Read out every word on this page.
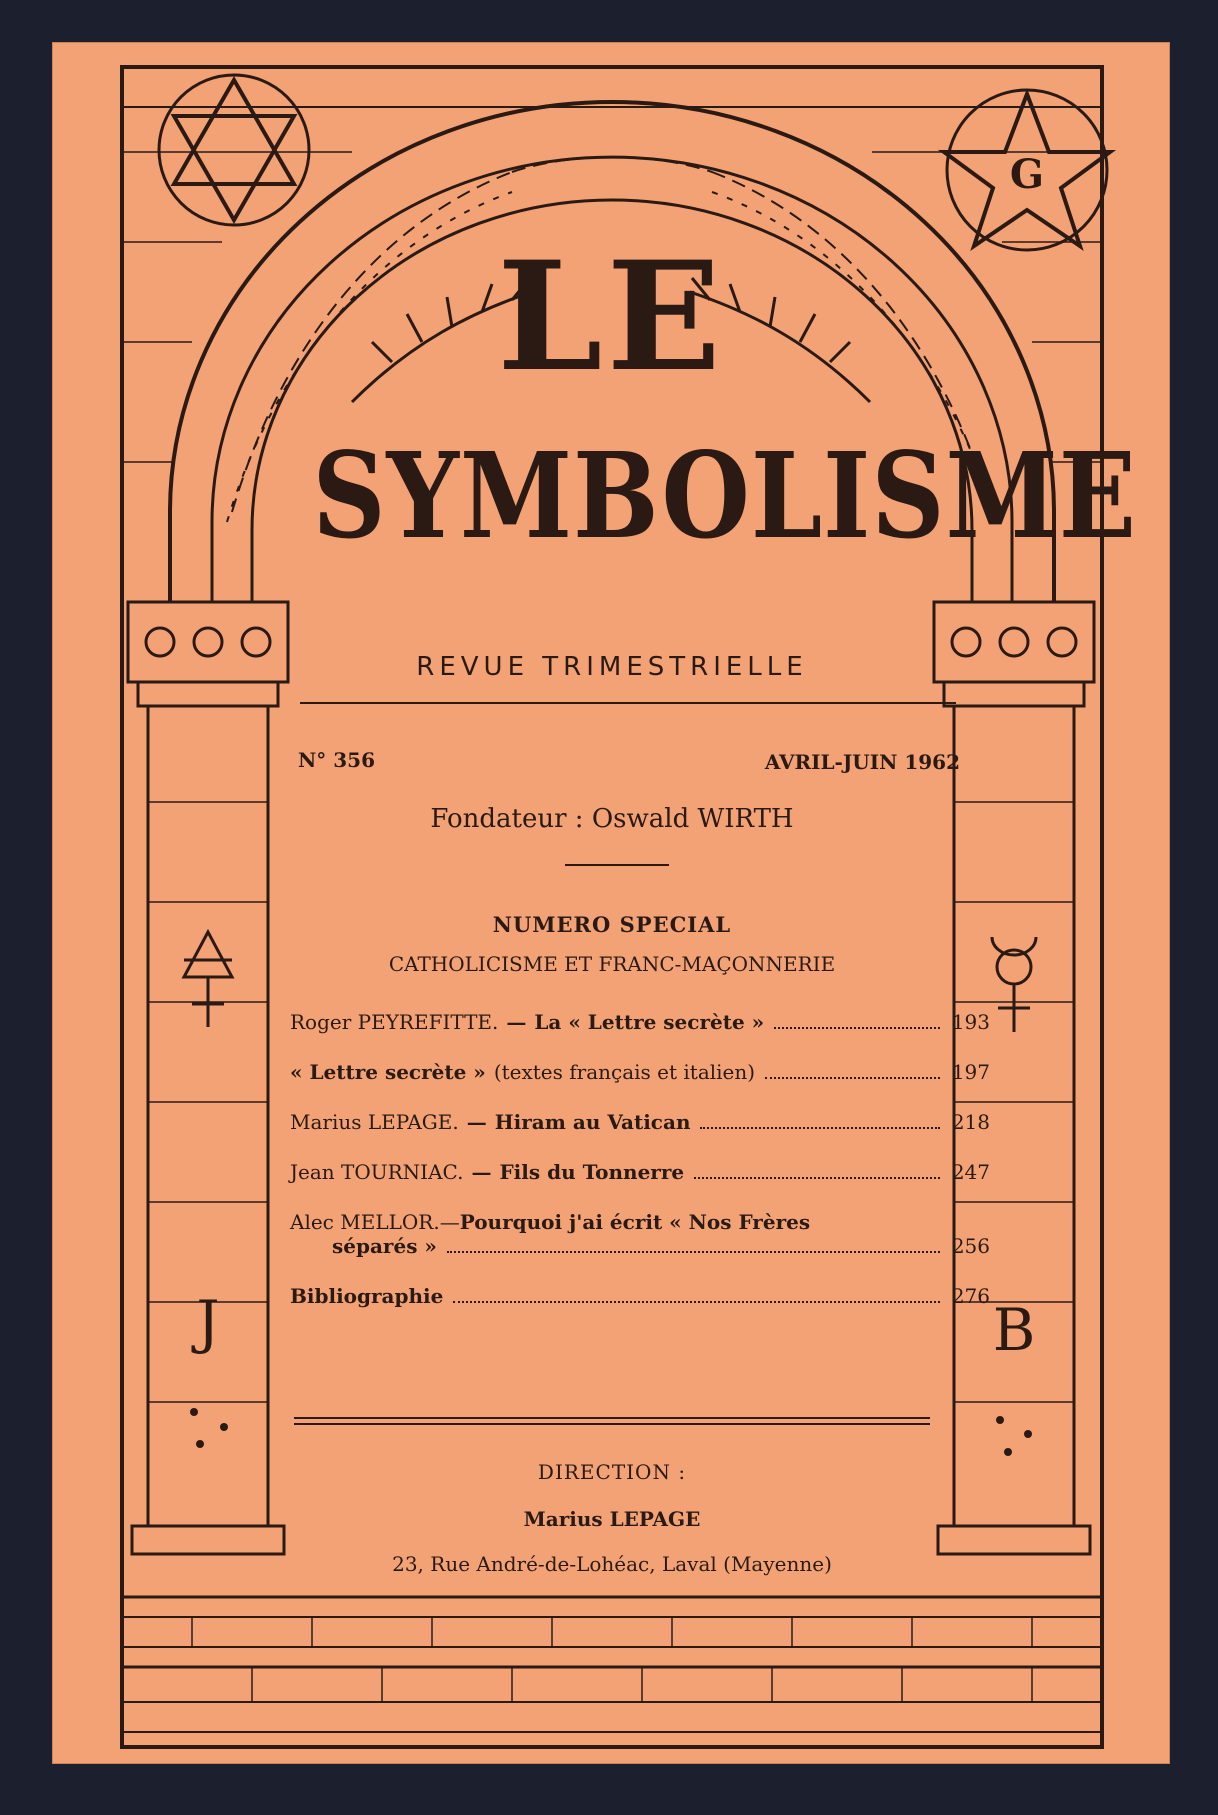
G
J	B
LE
SYMBOLISME
REVUE TRIMESTRIELLE
N° 356	AVRIL-JUIN 1962
Fondateur : Oswald WIRTH
NUMERO SPECIAL
CATHOLICISME ET FRANC-MAÇONNERIE
Roger PEYREFITTE. — La « Lettre secrète »	193
« Lettre secrète » (textes français et italien)	197
Marius LEPAGE. — Hiram au Vatican	218
Jean TOURNIAC. — Fils du Tonnerre	247
Alec MELLOR. — Pourquoi j'ai écrit « Nos Frères
séparés »	256
Bibliographie	276
DIRECTION :
Marius LEPAGE
23, Rue André-de-Lohéac, Laval (Mayenne)
